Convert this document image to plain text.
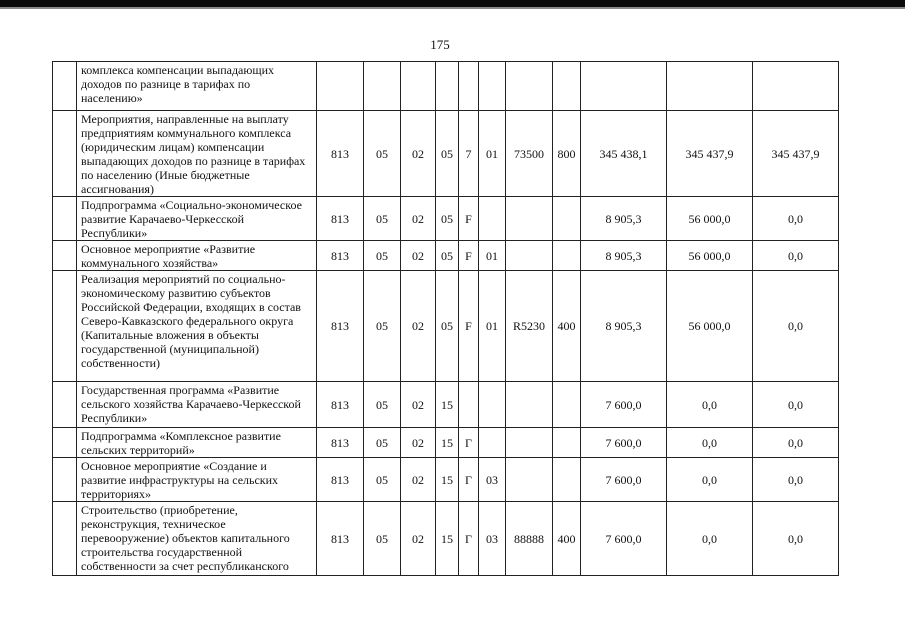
175
	комплекса компенсации выпадающих доходов по разнице в тарифах по населению»											
	Мероприятия, направленные на выплату предприятиям коммунального комплекса (юридическим лицам) компенсации выпадающих доходов по разнице в тарифах по населению (Иные бюджетные ассигнования)	813	05	02	05	7	01	73500	800	345 438,1	345 437,9	345 437,9
	Подпрограмма «Социально-экономическое развитие Карачаево-Черкесской Республики»	813	05	02	05	F				8 905,3	56 000,0	0,0
	Основное мероприятие «Развитие коммунального хозяйства»	813	05	02	05	F	01			8 905,3	56 000,0	0,0
	Реализация мероприятий по социально-экономическому развитию субъектов Российской Федерации, входящих в состав Северо-Кавказского федерального округа (Капитальные вложения в объекты государственной (муниципальной) собственности)	813	05	02	05	F	01	R5230	400	8 905,3	56 000,0	0,0
	Государственная программа «Развитие сельского хозяйства Карачаево-Черкесской Республики»	813	05	02	15					7 600,0	0,0	0,0
	Подпрограмма «Комплексное развитие сельских территорий»	813	05	02	15	Г				7 600,0	0,0	0,0
	Основное мероприятие «Создание и развитие инфраструктуры на сельских территориях»	813	05	02	15	Г	03			7 600,0	0,0	0,0
	Строительство (приобретение, реконструкция, техническое перевооружение) объектов капитального строительства государственной собственности за счет республиканского	813	05	02	15	Г	03	88888	400	7 600,0	0,0	0,0
